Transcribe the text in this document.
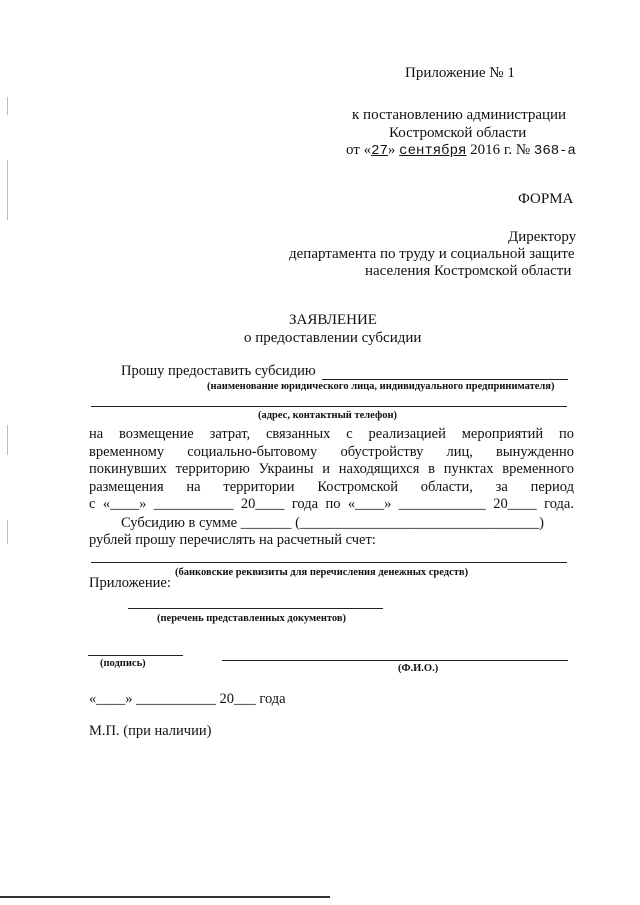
Приложение № 1
к постановлению администрации
Костромской области
от «27» сентября 2016 г. № 368-а
ФОРМА
Директору
департамента по труду и социальной защите
населения Костромской области
ЗАЯВЛЕНИЕ
о предоставлении субсидии
Прошу предоставить субсидию
(наименование юридического лица, индивидуального предпринимателя)
(адрес, контактный телефон)
на возмещение затрат, связанных с реализацией мероприятий по
временному социально-бытовому обустройству лиц, вынужденно
покинувших территорию Украины и находящихся в пунктах временного
размещения на территории Костромской области, за период
с «____» ___________ 20____ года по «____» ____________ 20____ года.
Субсидию в сумме _______ (_________________________________)
рублей прошу перечислять на расчетный счет:
(банковские реквизиты для перечисления денежных средств)
Приложение:
(перечень представленных документов)
(подпись)	(Ф.И.О.)
«____» ___________ 20___ года
М.П. (при наличии)
